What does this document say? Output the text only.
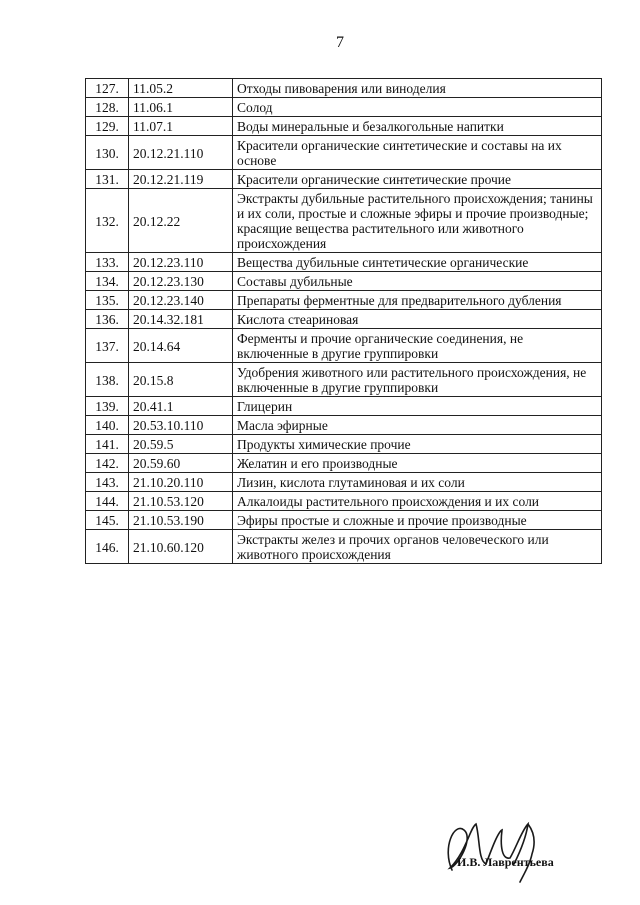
7
127.	11.05.2	Отходы пивоварения или виноделия
128.	11.06.1	Солод
129.	11.07.1	Воды минеральные и безалкогольные напитки
130.	20.12.21.110	Красители органические синтетические и составы на их основе
131.	20.12.21.119	Красители органические синтетические прочие
132.	20.12.22	Экстракты дубильные растительного происхождения; танины и их соли, простые и сложные эфиры и прочие производные; красящие вещества растительного или животного происхождения
133.	20.12.23.110	Вещества дубильные синтетические органические
134.	20.12.23.130	Составы дубильные
135.	20.12.23.140	Препараты ферментные для предварительного дубления
136.	20.14.32.181	Кислота стеариновая
137.	20.14.64	Ферменты и прочие органические соединения, не включенные в другие группировки
138.	20.15.8	Удобрения животного или растительного происхождения, не включенные в другие группировки
139.	20.41.1	Глицерин
140.	20.53.10.110	Масла эфирные
141.	20.59.5	Продукты химические прочие
142.	20.59.60	Желатин и его производные
143.	21.10.20.110	Лизин, кислота глутаминовая и их соли
144.	21.10.53.120	Алкалоиды растительного происхождения и их соли
145.	21.10.53.190	Эфиры простые и сложные и прочие производные
146.	21.10.60.120	Экстракты желез и прочих органов человеческого или животного происхождения
И.В. Лаврентьева
